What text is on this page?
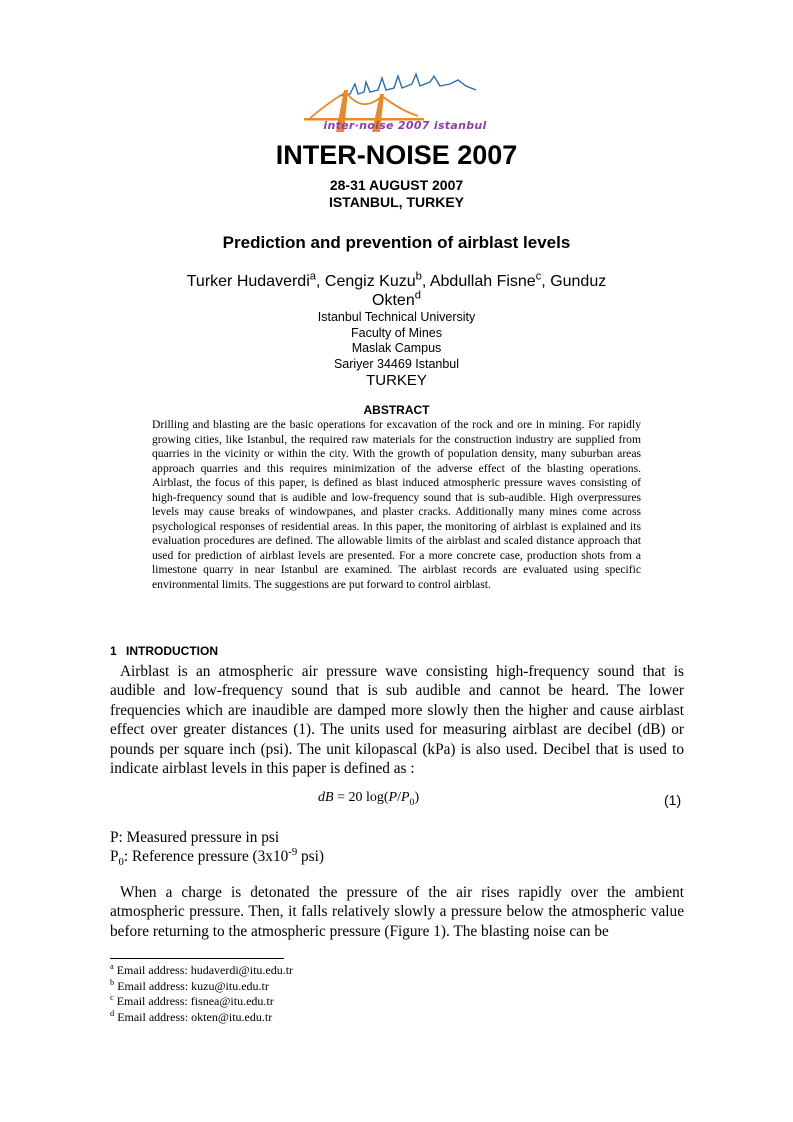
inter·noise 2007 istanbul
INTER-NOISE 2007
28-31 AUGUST 2007
ISTANBUL, TURKEY
Prediction and prevention of airblast levels
Turker Hudaverdi$^a$, Cengiz Kuzu$^b$, Abdullah Fisne$^c$, Gunduz Okten$^d$
Istanbul Technical University
Faculty of Mines
Maslak Campus
Sariyer 34469 Istanbul
TURKEY
ABSTRACT

Drilling and blasting are the basic operations for excavation of the rock and ore in mining. For rapidly growing cities, like Istanbul, the required raw materials for the construction industry are supplied from quarries in the vicinity or within the city. With the growth of population density, many suburban areas approach quarries and this requires minimization of the adverse effect of the blasting operations. Airblast, the focus of this paper, is defined as blast induced atmospheric pressure waves consisting of high-frequency sound that is audible and low-frequency sound that is sub-audible. High overpressures levels may cause breaks of windowpanes, and plaster cracks. Additionally many mines come across psychological responses of residential areas. In this paper, the monitoring of airblast is explained and its evaluation procedures are defined. The allowable limits of the airblast and scaled distance approach that used for prediction of airblast levels are presented. For a more concrete case, production shots from a limestone quarry in near Istanbul are examined. The airblast records are evaluated using specific environmental limits. The suggestions are put forward to control airblast.

1 INTRODUCTION

Airblast is an atmospheric air pressure wave consisting high-frequency sound that is audible and low-frequency sound that is sub audible and cannot be heard. The lower frequencies which are inaudible are damped more slowly then the higher and cause airblast effect over greater distances (1). The units used for measuring airblast are decibel (dB) or pounds per square inch (psi). The unit kilopascal (kPa) is also used. Decibel that is used to indicate airblast levels in this paper is defined as :

dB = 20 $\log(P/P_0)$	(1)
P: Measured pressure in psi
$P_0$: Reference pressure ($3x10^{-9}$ psi)

When a charge is detonated the pressure of the air rises rapidly over the ambient atmospheric pressure. Then, it falls relatively slowly a pressure below the atmospheric value before returning to the atmospheric pressure (Figure 1). The blasting noise can be

$^a$ Email address: hudaverdi@itu.edu.tr
$^b$ Email address: kuzu@itu.edu.tr
$^c$ Email address: fisnea@itu.edu.tr
$^d$ Email address: okten@itu.edu.tr
